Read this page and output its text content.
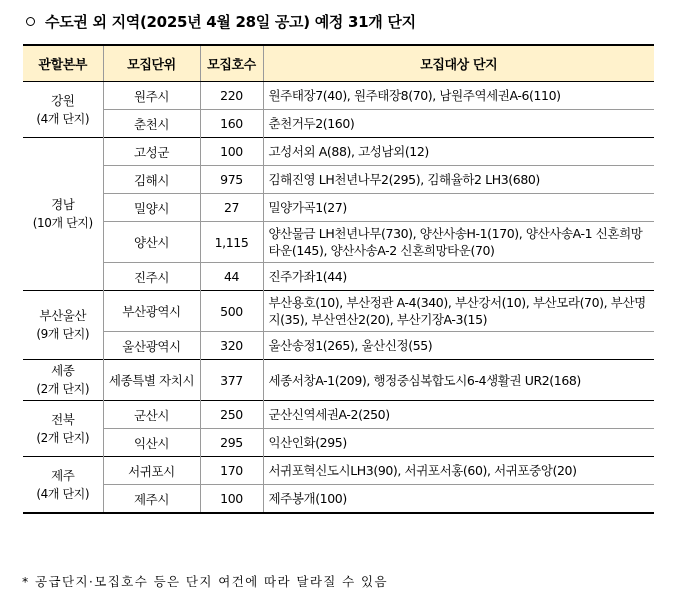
수도권 외 지역(2025년 4월 28일 공고) 예정 31개 단지
관할본부	모집단위	모집호수	모집대상 단지
강원
(4개 단지)	원주시	220	원주태장7(40), 원주태장8(70), 남원주역세권A-6(110)
	춘천시	160	춘천거두2(160)
경남
(10개 단지)	고성군	100	고성서외 A(88), 고성남외(12)
	김해시	975	김해진영 LH천년나무2(295), 김해율하2 LH3(680)
	밀양시	27	밀양가곡1(27)
	양산시	1,115	양산물금 LH천년나무(730), 양산사송H-1(170), 양산사송A-1 신혼희망타운(145), 양산사송A-2 신혼희망타운(70)
	진주시	44	진주가좌1(44)
부산울산
(9개 단지)	부산광역시	500	부산용호(10), 부산정관 A-4(340), 부산강서(10), 부산모라(70), 부산명지(35), 부산연산2(20), 부산기장A-3(15)
	울산광역시	320	울산송정1(265), 울산신정(55)
세종
(2개 단지)	세종특별 자치시	377	세종서창A-1(209), 행정중심복합도시6-4생활권 UR2(168)
전북
(2개 단지)	군산시	250	군산신역세권A-2(250)
	익산시	295	익산인화(295)
제주
(4개 단지)	서귀포시	170	서귀포혁신도시LH3(90), 서귀포서홍(60), 서귀포중앙(20)
	제주시	100	제주봉개(100)
* 공급단지·모집호수 등은 단지 여건에 따라 달라질 수 있음
